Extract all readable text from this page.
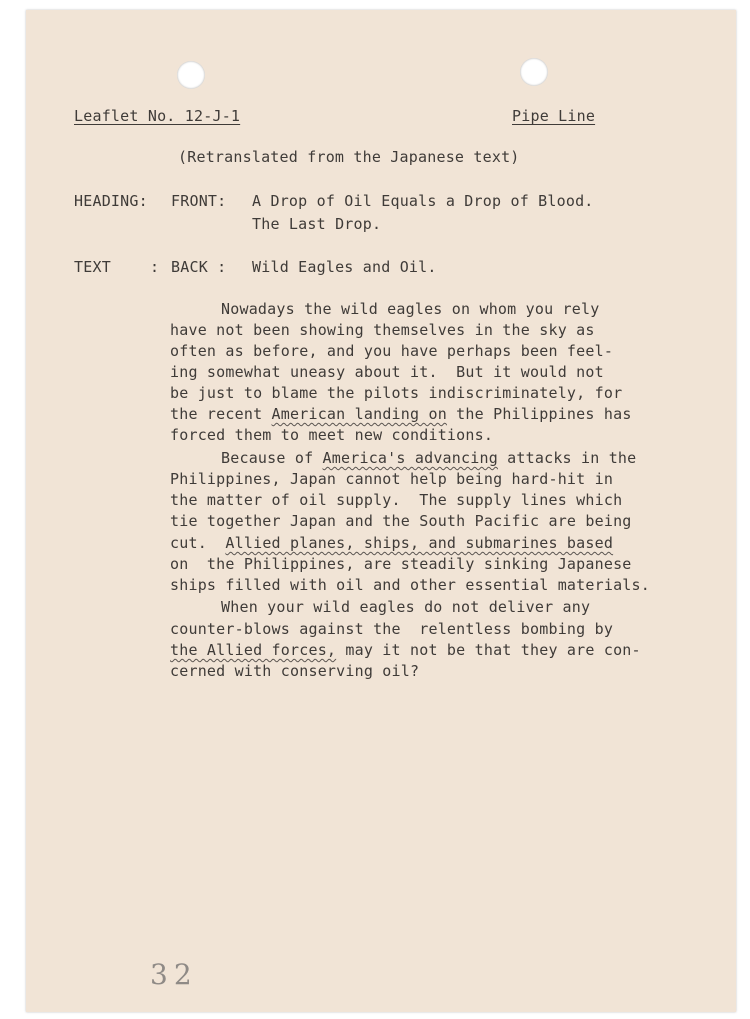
Leaflet No. 12-J-1	Pipe Line
(Retranslated from the Japanese text)
HEADING: FRONT: A Drop of Oil Equals a Drop of Blood.
The Last Drop.
TEXT	: BACK : Wild Eagles and Oil.
Nowadays the wild eagles on whom you rely
have not been showing themselves in the sky as
often as before, and you have perhaps been feel-
ing somewhat uneasy about it.  But it would not
be just to blame the pilots indiscriminately, for
the recent American landing on the Philippines has
forced them to meet new conditions.
Because of America's advancing attacks in the
Philippines, Japan cannot help being hard-hit in
the matter of oil supply.  The supply lines which
tie together Japan and the South Pacific are being
cut.  Allied planes, ships, and submarines based
on  the Philippines, are steadily sinking Japanese
ships filled with oil and other essential materials.
When your wild eagles do not deliver any
counter-blows against the  relentless bombing by
the Allied forces, may it not be that they are con-
cerned with conserving oil?
32
